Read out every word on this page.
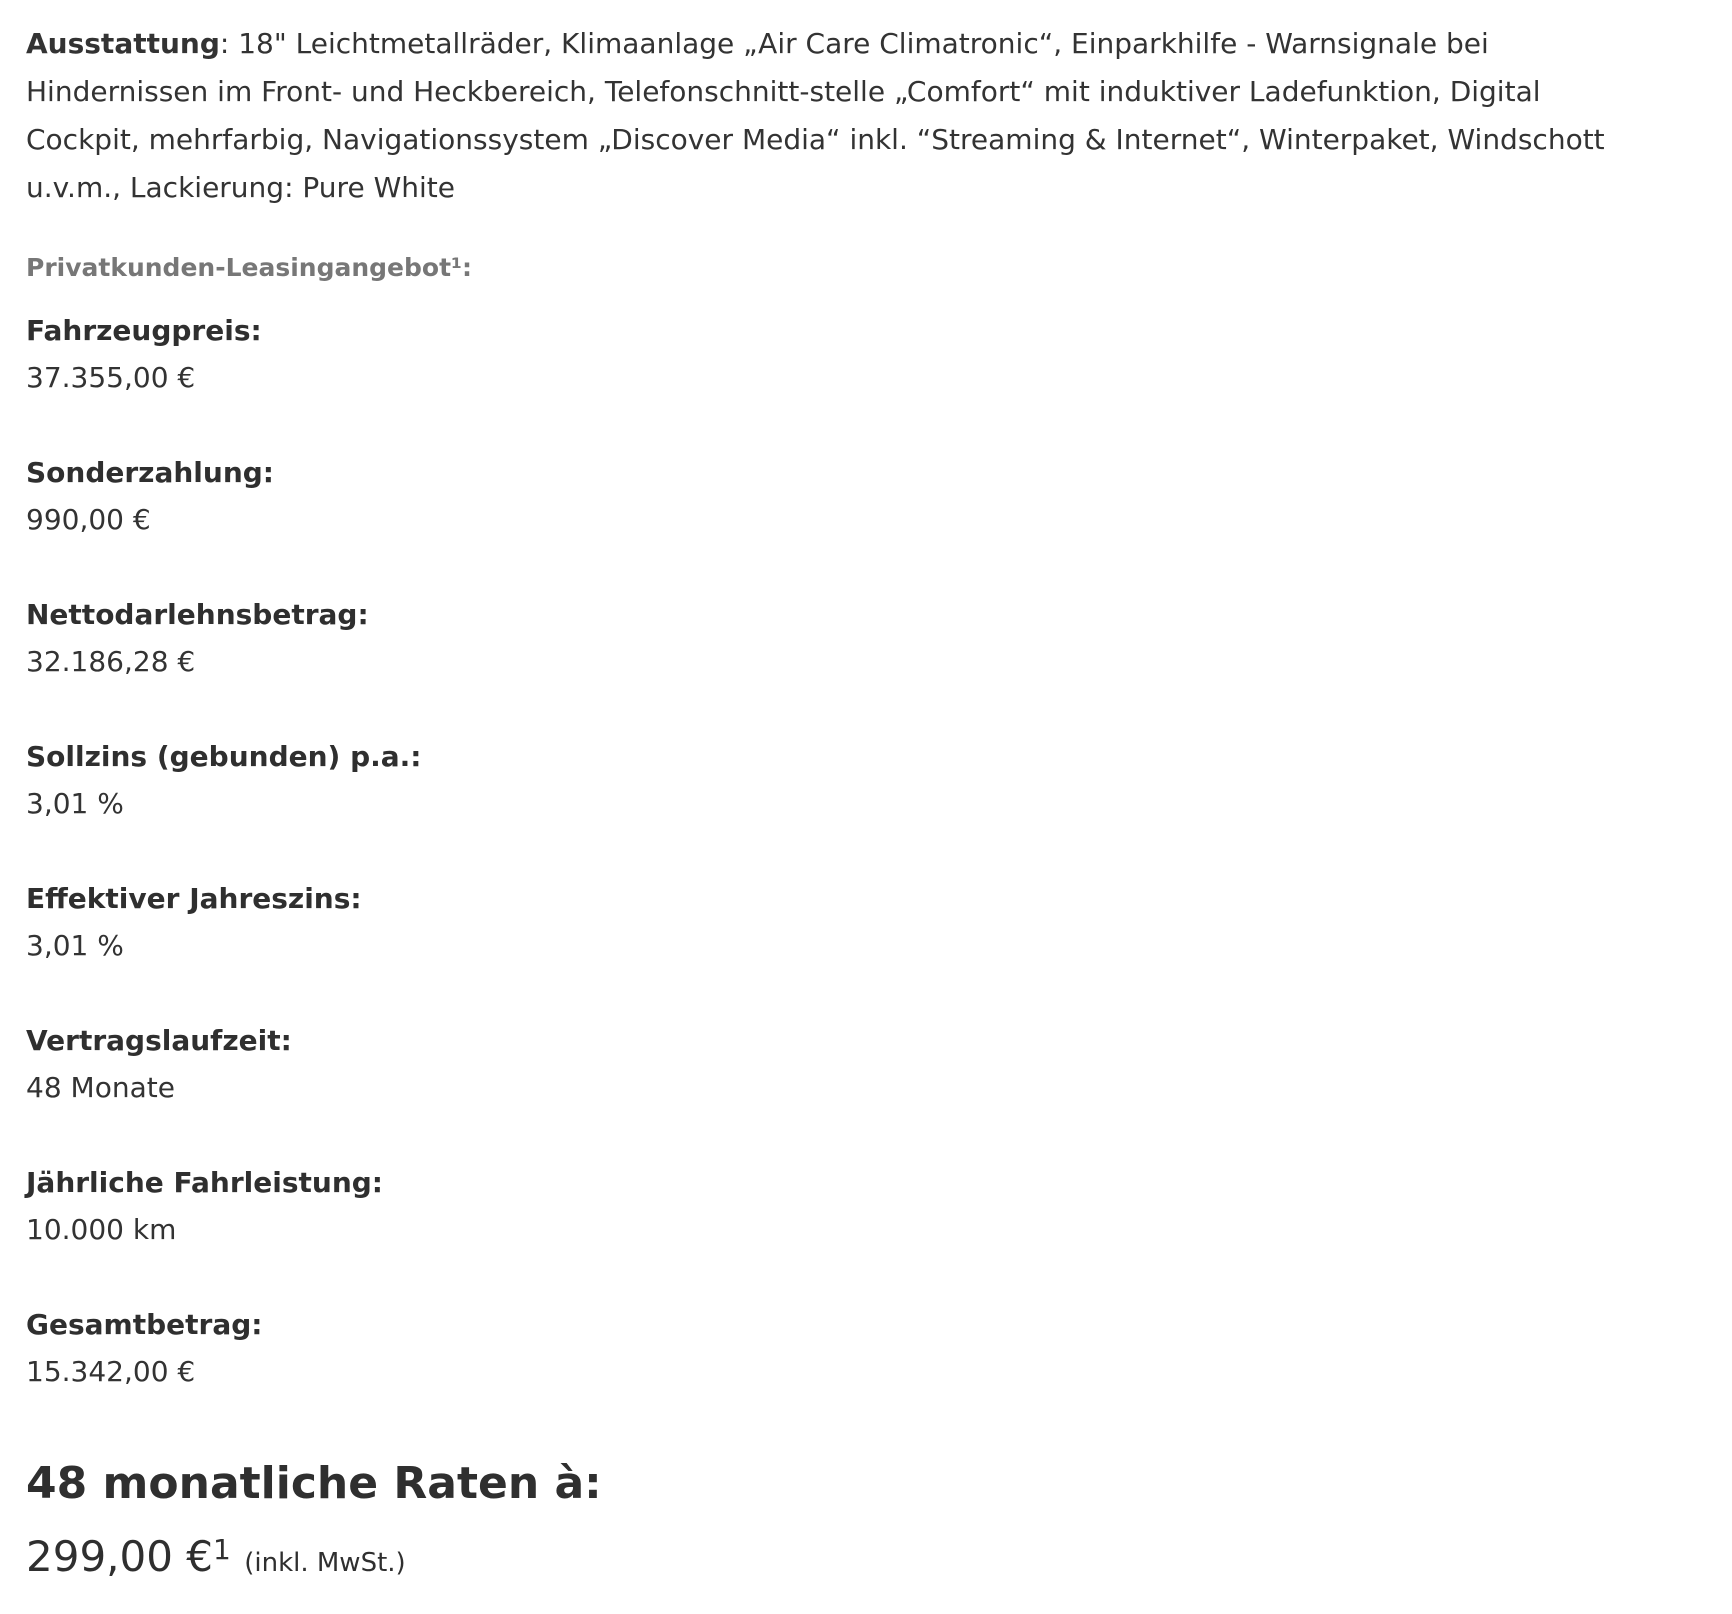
Ausstattung: 18" Leichtmetallräder, Klimaanlage „Air Care Climatronic“, Einparkhilfe - Warnsignale bei Hindernissen im Front- und Heckbereich, Telefonschnitt-stelle „Comfort“ mit induktiver Ladefunktion, Digital Cockpit, mehrfarbig, Navigationssystem „Discover Media“ inkl. “Streaming & Internet“, Winterpaket, Windschott u.v.m., Lackierung: Pure White

Privatkunden-Leasingangebot¹:
Fahrzeugpreis:
37.355,00 €
Sonderzahlung:
990,00 €
Nettodarlehnsbetrag:
32.186,28 €
Sollzins (gebunden) p.a.:
3,01 %
Effektiver Jahreszins:
3,01 %
Vertragslaufzeit:
48 Monate
Jährliche Fahrleistung:
10.000 km
Gesamtbetrag:
15.342,00 €
48 monatliche Raten à:
299,00 €$^1$ (inkl. MwSt.)
